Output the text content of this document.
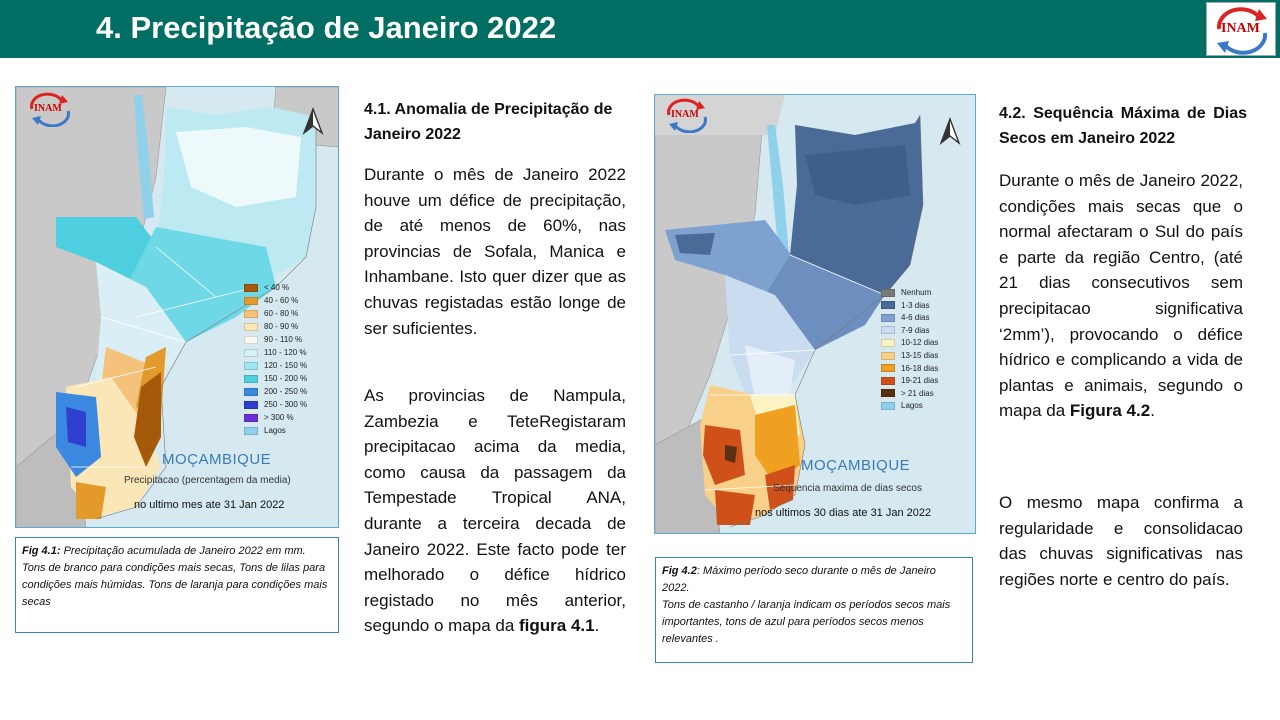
4. Precipitação de Janeiro 2022	INAM
INAM
< 40 %
40 - 60 %
60 - 80 %
80 - 90 %
90 - 110 %
110 - 120 %
120 - 150 %
150 - 200 %
200 - 250 %
250 - 300 %
> 300 %
Lagos
MOÇAMBIQUE
Precipitacao (percentagem da media)
no ultimo mes ate 31 Jan 2022
Fig 4.1: Precipitação acumulada de Janeiro 2022 em mm.
Tons de branco para condições mais secas, Tons de lilas para condições mais húmidas. Tons de laranja para condições mais secas
4.1. Anomalia de Precipitação de Janeiro 2022
Durante o mês de Janeiro 2022 houve um défice de precipitação, de até menos de 60%, nas provincias de Sofala, Manica e Inhambane. Isto quer dizer que as chuvas registadas estão longe de ser suficientes.
As provincias de Nampula, Zambezia e TeteRegistaram precipitacao acima da media, como causa da passagem da Tempestade Tropical ANA, durante a terceira decada de Janeiro 2022. Este facto pode ter melhorado o défice hídrico registado no mês anterior, segundo o mapa da figura 4.1.
INAM
Nenhum
1-3 dias
4-6 dias
7-9 dias
10-12 dias
13-15 dias
16-18 dias
19-21 dias
> 21 dias
Lagos
MOÇAMBIQUE
Sequencia maxima de dias secos
nos ultimos 30 dias ate 31 Jan 2022
Fig 4.2: Máximo período seco durante o mês de Janeiro 2022.
Tons de castanho / laranja indicam os períodos secos mais importantes, tons de azul para períodos secos menos relevantes .
4.2. Sequência Máxima de Dias Secos em Janeiro 2022
Durante o mês de Janeiro 2022, condições mais secas que o normal afectaram o Sul do país e parte da região Centro, (até 21 dias consecutivos sem precipitacao significativa ‘2mm’), provocando o défice hídrico e complicando a vida de plantas e animais, segundo o mapa da Figura 4.2.
O mesmo mapa confirma a regularidade e consolidacao das chuvas significativas nas regiões norte e centro do país.
